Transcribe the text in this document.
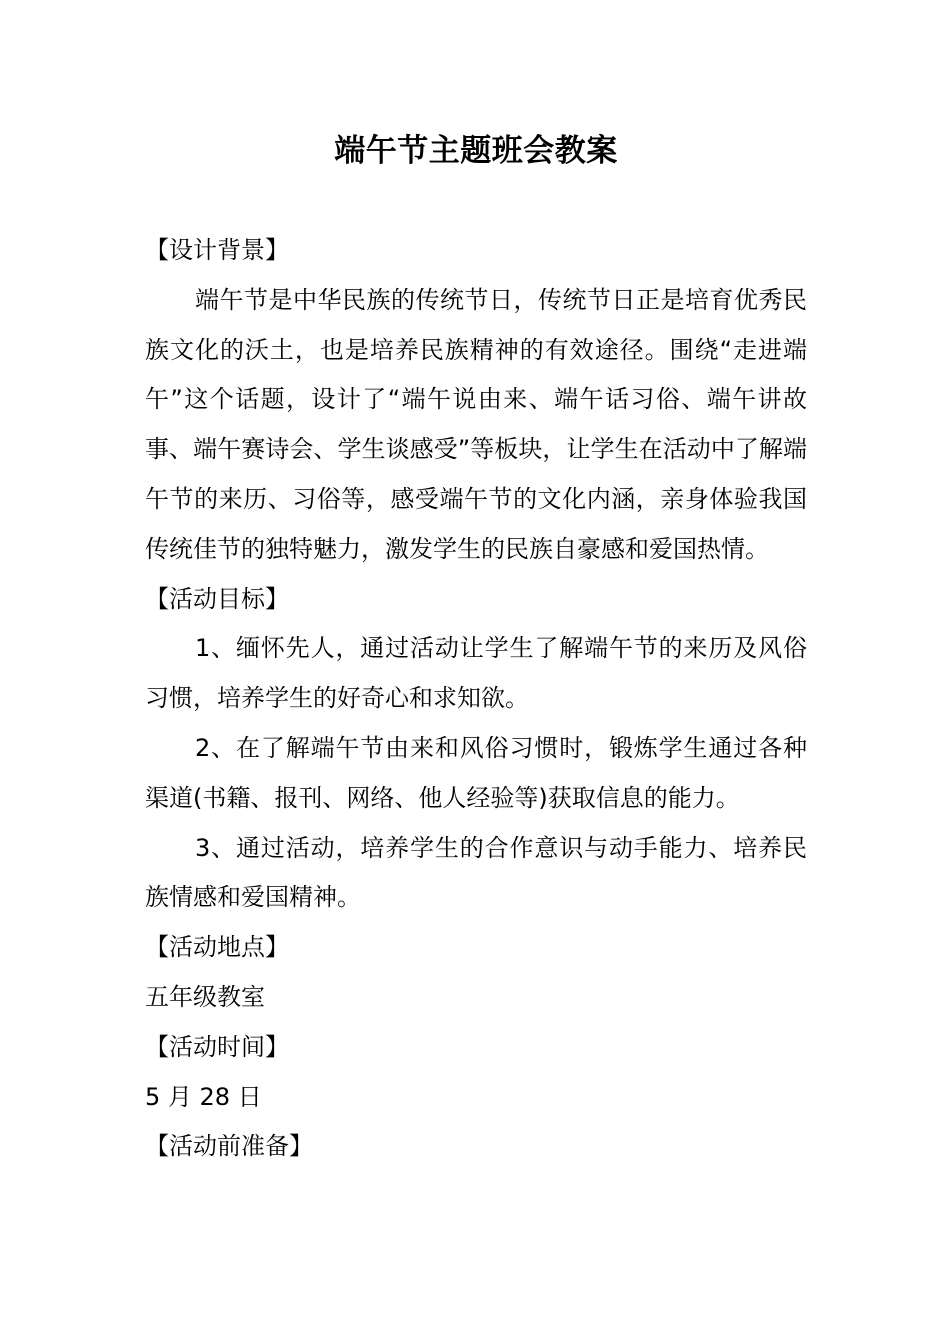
端午节主题班会教案

【设计背景】

端午节是中华民族的传统节日，传统节日正是培育优秀民族文化的沃土，也是培养民族精神的有效途径。围绕“走进端午”这个话题，设计了“端午说由来、端午话习俗、端午讲故事、端午赛诗会、学生谈感受”等板块，让学生在活动中了解端午节的来历、习俗等，感受端午节的文化内涵，亲身体验我国传统佳节的独特魅力，激发学生的民族自豪感和爱国热情。

【活动目标】

1、缅怀先人，通过活动让学生了解端午节的来历及风俗习惯，培养学生的好奇心和求知欲。

2、在了解端午节由来和风俗习惯时，锻炼学生通过各种渠道(书籍、报刊、网络、他人经验等)获取信息的能力。

3、通过活动，培养学生的合作意识与动手能力、培养民族情感和爱国精神。

【活动地点】

五年级教室

【活动时间】

5 月 28 日

【活动前准备】
